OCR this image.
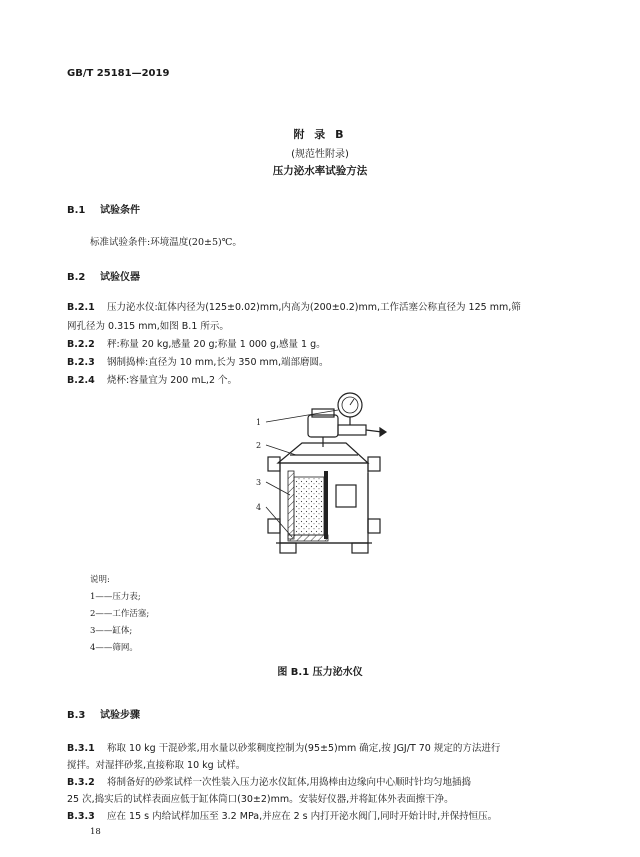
GB/T 25181—2019
附 录 B
(规范性附录)
压力泌水率试验方法
B.1 试验条件
标准试验条件:环境温度(20±5)℃。
B.2 试验仪器
B.2.1 压力泌水仪:缸体内径为(125±0.02)mm,内高为(200±0.2)mm,工作活塞公称直径为 125 mm,筛
网孔径为 0.315 mm,如图 B.1 所示。
B.2.2 秤:称量 20 kg,感量 20 g;称量 1 000 g,感量 1 g。
B.2.3 钢制捣棒:直径为 10 mm,长为 350 mm,端部磨圆。
B.2.4 烧杯:容量宜为 200 mL,2 个。
1
2
3
4
说明:
1——压力表;
2——工作活塞;
3——缸体;
4——筛网。
图 B.1 压力泌水仪
B.3 试验步骤
B.3.1 称取 10 kg 干混砂浆,用水量以砂浆稠度控制为(95±5)mm 确定,按 JGJ/T 70 规定的方法进行
搅拌。对湿拌砂浆,直接称取 10 kg 试样。
B.3.2 将制备好的砂浆试样一次性装入压力泌水仪缸体,用捣棒由边缘向中心顺时针均匀地插捣
25 次,捣实后的试样表面应低于缸体筒口(30±2)mm。安装好仪器,并将缸体外表面擦干净。
B.3.3 应在 15 s 内给试样加压至 3.2 MPa,并应在 2 s 内打开泌水阀门,同时开始计时,并保持恒压。
18
